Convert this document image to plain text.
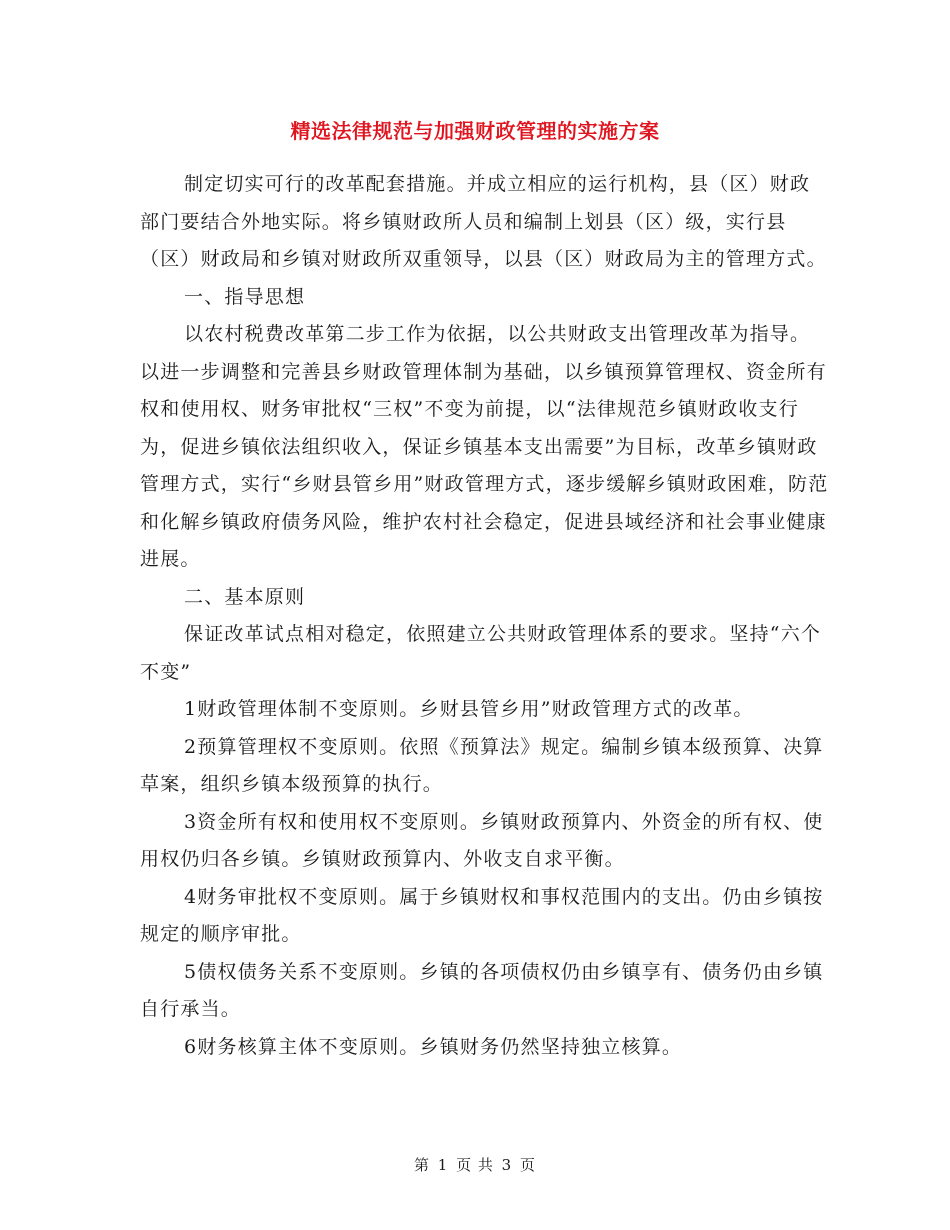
精选法律规范与加强财政管理的实施方案

制定切实可行的改革配套措施。并成立相应的运行机构，县（区）财政部门要结合外地实际。将乡镇财政所人员和编制上划县（区）级，实行县（区）财政局和乡镇对财政所双重领导，以县（区）财政局为主的管理方式。

一、指导思想

以农村税费改革第二步工作为依据，以公共财政支出管理改革为指导。以进一步调整和完善县乡财政管理体制为基础，以乡镇预算管理权、资金所有权和使用权、财务审批权“三权”不变为前提，以“法律规范乡镇财政收支行为，促进乡镇依法组织收入，保证乡镇基本支出需要”为目标，改革乡镇财政管理方式，实行“乡财县管乡用”财政管理方式，逐步缓解乡镇财政困难，防范和化解乡镇政府债务风险，维护农村社会稳定，促进县域经济和社会事业健康进展。

二、基本原则

保证改革试点相对稳定，依照建立公共财政管理体系的要求。坚持“六个不变”

1财政管理体制不变原则。乡财县管乡用”财政管理方式的改革。

2预算管理权不变原则。依照《预算法》规定。编制乡镇本级预算、决算草案，组织乡镇本级预算的执行。

3资金所有权和使用权不变原则。乡镇财政预算内、外资金的所有权、使用权仍归各乡镇。乡镇财政预算内、外收支自求平衡。

4财务审批权不变原则。属于乡镇财权和事权范围内的支出。仍由乡镇按规定的顺序审批。

5债权债务关系不变原则。乡镇的各项债权仍由乡镇享有、债务仍由乡镇自行承当。

6财务核算主体不变原则。乡镇财务仍然坚持独立核算。

第 1 页 共 3 页
